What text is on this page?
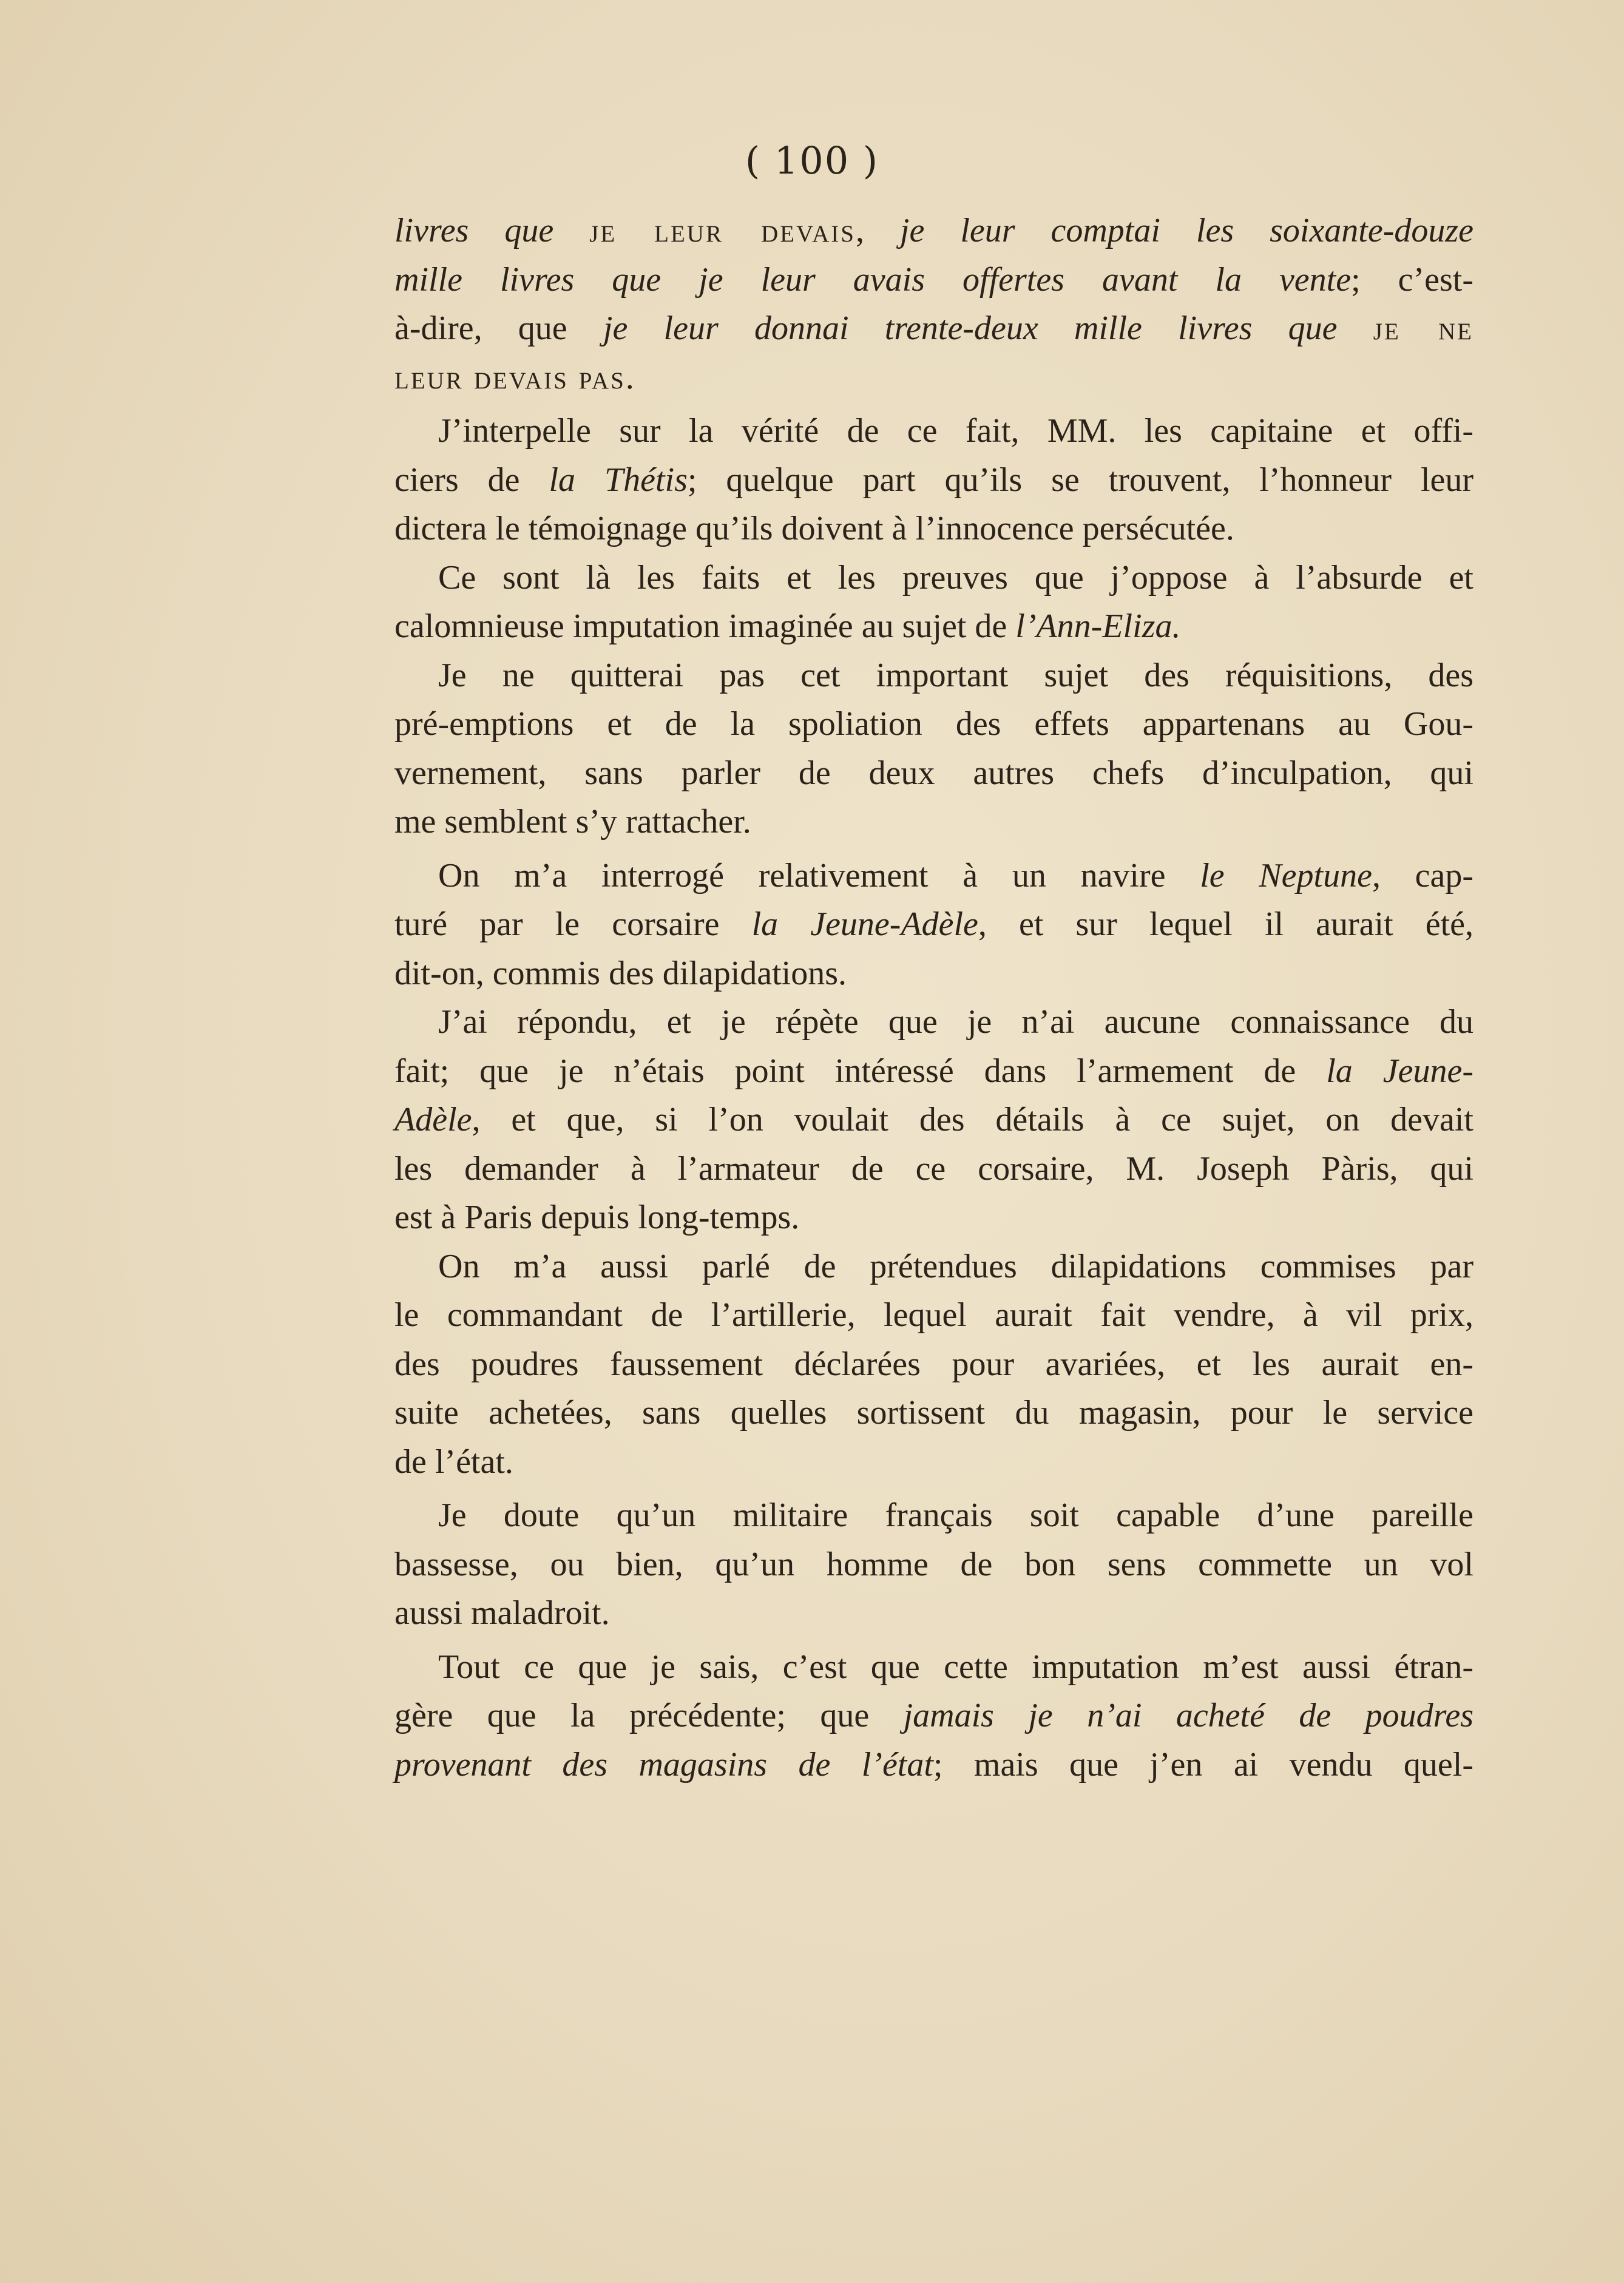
( 100 )
livres que je leur devais, je leur comptai les soixante-douze
mille livres que je leur avais offertes avant la vente; c’est-
à-dire, que je leur donnai trente-deux mille livres que je ne
leur devais pas.
J’interpelle sur la vérité de ce fait, MM. les capitaine et offi-
ciers de la Thétis; quelque part qu’ils se trouvent, l’honneur leur
dictera le témoignage qu’ils doivent à l’innocence persécutée.
Ce sont là les faits et les preuves que j’oppose à l’absurde et
calomnieuse imputation imaginée au sujet de l’Ann-Eliza.
Je ne quitterai pas cet important sujet des réquisitions, des
pré-emptions et de la spoliation des effets appartenans au Gou-
vernement, sans parler de deux autres chefs d’inculpation, qui
me semblent s’y rattacher.
On m’a interrogé relativement à un navire le Neptune, cap-
turé par le corsaire la Jeune-Adèle, et sur lequel il aurait été,
dit-on, commis des dilapidations.
J’ai répondu, et je répète que je n’ai aucune connaissance du
fait; que je n’étais point intéressé dans l’armement de la Jeune-
Adèle, et que, si l’on voulait des détails à ce sujet, on devait
les demander à l’armateur de ce corsaire, M. Joseph Pàris, qui
est à Paris depuis long-temps.
On m’a aussi parlé de prétendues dilapidations commises par
le commandant de l’artillerie, lequel aurait fait vendre, à vil prix,
des poudres faussement déclarées pour avariées, et les aurait en-
suite achetées, sans quelles sortissent du magasin, pour le service
de l’état.
Je doute qu’un militaire français soit capable d’une pareille
bassesse, ou bien, qu’un homme de bon sens commette un vol
aussi maladroit.
Tout ce que je sais, c’est que cette imputation m’est aussi étran-
gère que la précédente; que jamais je n’ai acheté de poudres
provenant des magasins de l’état; mais que j’en ai vendu quel-
